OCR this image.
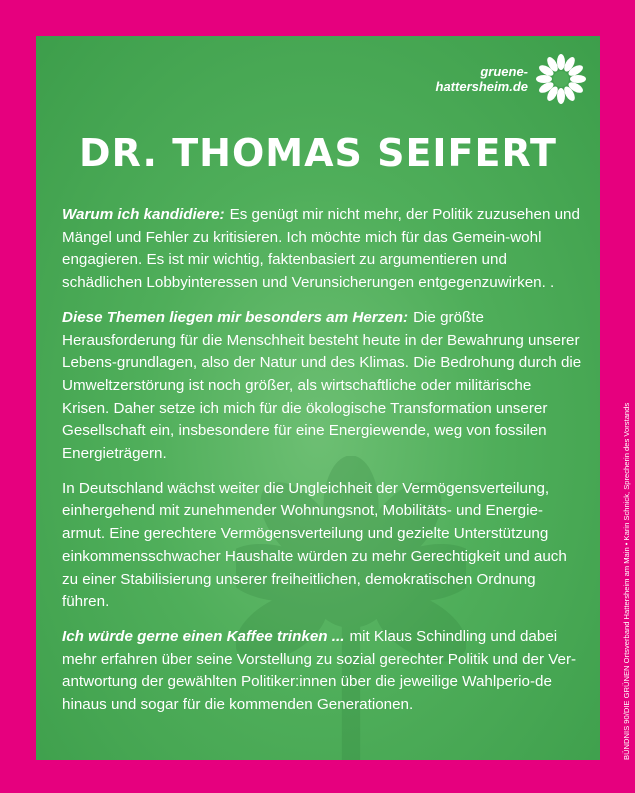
gruene-
hattersheim.de
DR. THOMAS SEIFERT

Warum ich kandidiere: Es genügt mir nicht mehr, der Politik zuzusehen und Mängel und Fehler zu kritisieren. Ich möchte mich für das Gemein-wohl engagieren. Es ist mir wichtig, faktenbasiert zu argumentieren und schädlichen Lobbyinteressen und Verunsicherungen entgegenzuwirken. .

Diese Themen liegen mir besonders am Herzen: Die größte Herausforderung für die Menschheit besteht heute in der Bewahrung unserer Lebens-grundlagen, also der Natur und des Klimas. Die Bedrohung durch die Umweltzerstörung ist noch größer, als wirtschaftliche oder militärische Krisen. Daher setze ich mich für die ökologische Transformation unserer Gesellschaft ein, insbesondere für eine Energiewende, weg von fossilen Energieträgern.

In Deutschland wächst weiter die Ungleichheit der Vermögensverteilung, einhergehend mit zunehmender Wohnungsnot, Mobilitäts- und Energie-armut. Eine gerechtere Vermögensverteilung und gezielte Unterstützung einkommensschwacher Haushalte würden zu mehr Gerechtigkeit und auch zu einer Stabilisierung unserer freiheitlichen, demokratischen Ordnung führen.

Ich würde gerne einen Kaffee trinken ... mit Klaus Schindling und dabei mehr erfahren über seine Vorstellung zu sozial gerechter Politik und der Ver-antwortung der gewählten Politiker:innen über die jeweilige Wahlperio-de hinaus und sogar für die kommenden Generationen.	BÜNDNIS 90/DIE GRÜNEN Ortsverband Hattersheim am Main • Karin Schnick, Sprecherin des Vorstands
